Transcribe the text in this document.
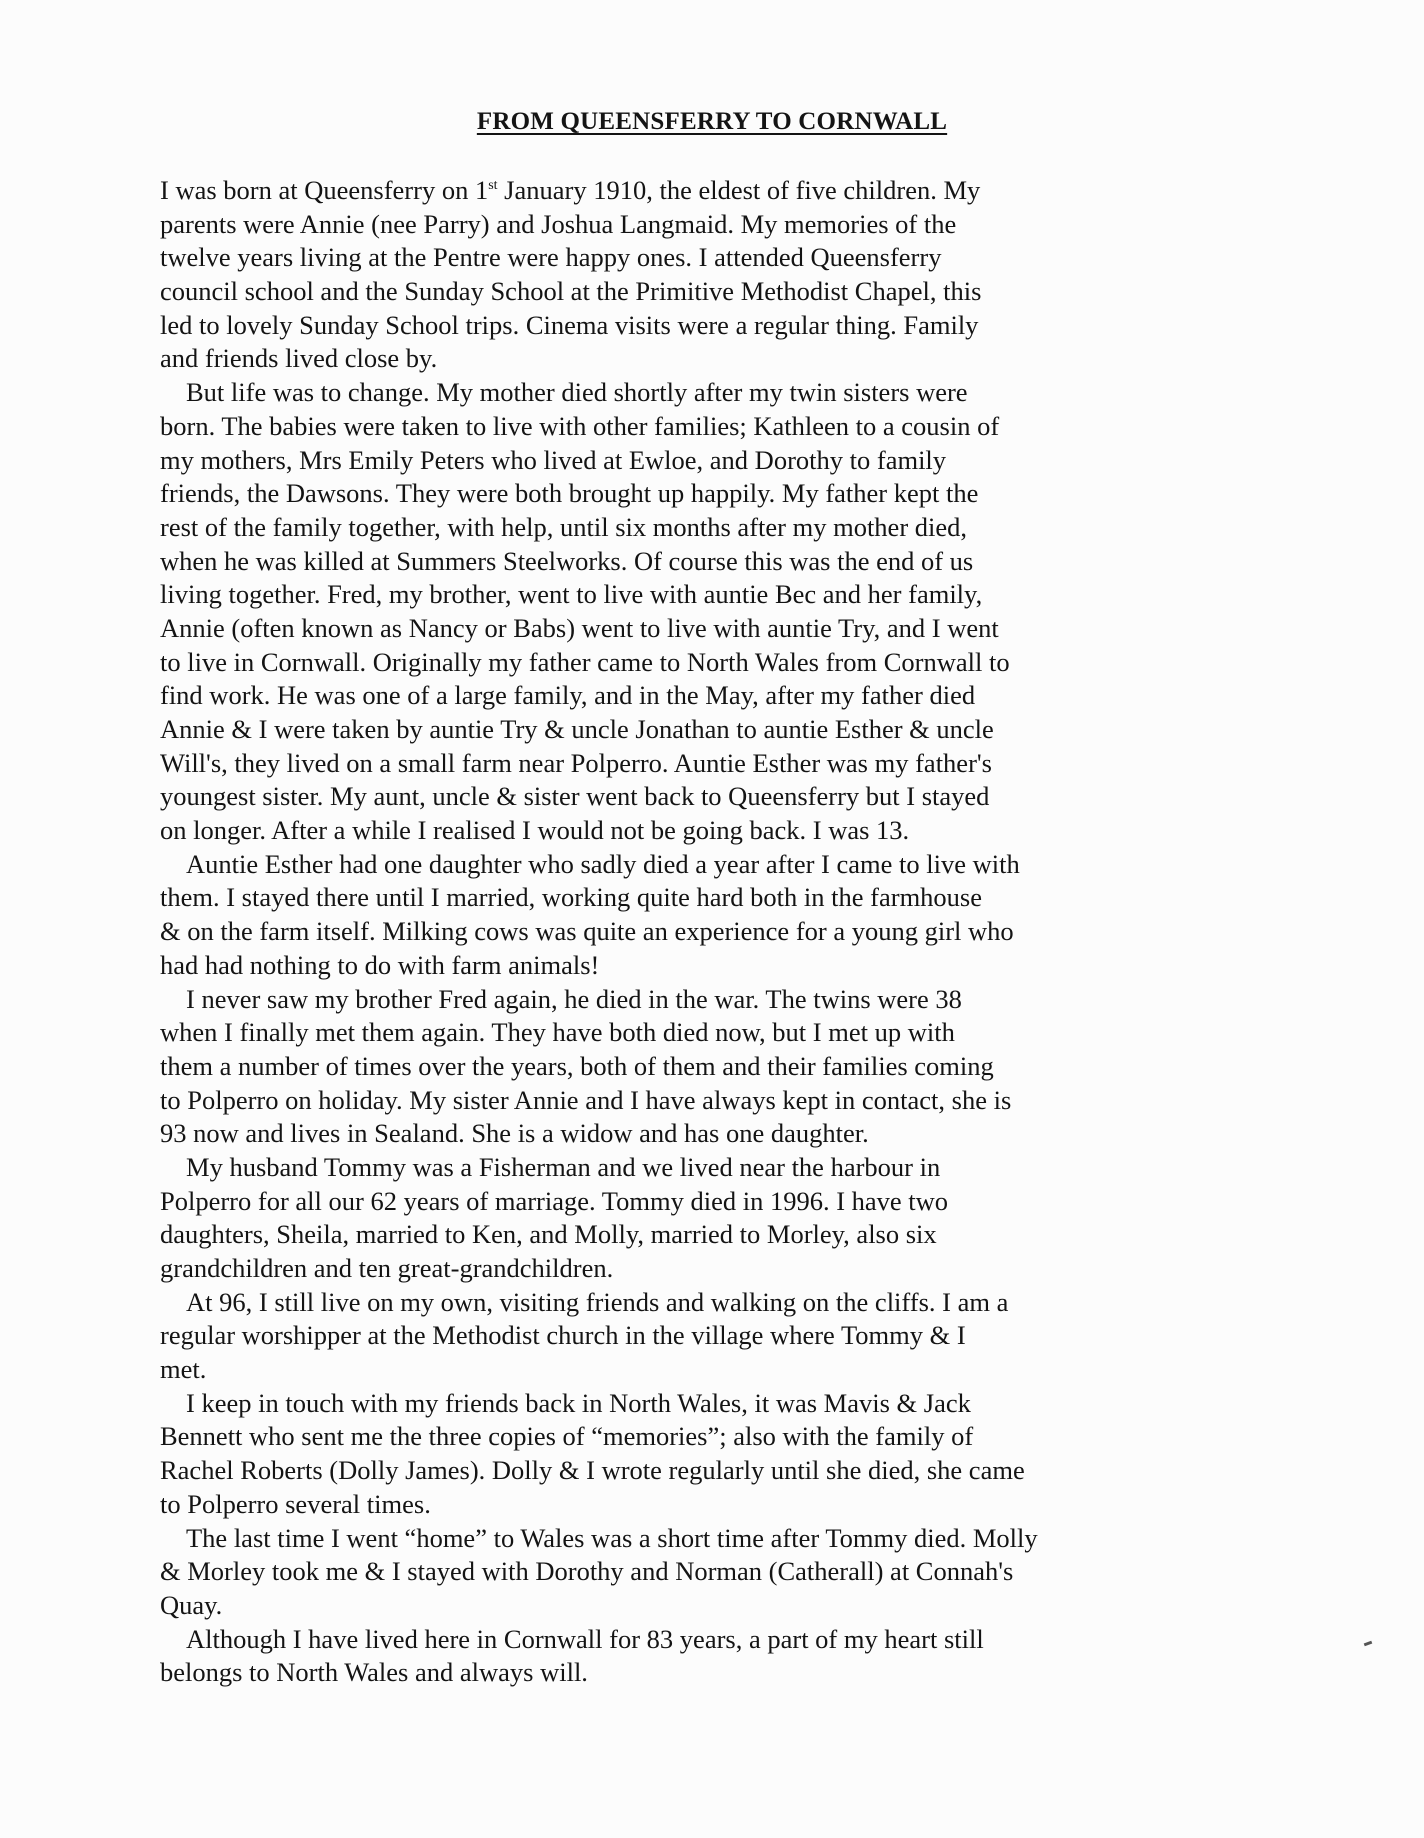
FROM QUEENSFERRY TO CORNWALL
I was born at Queensferry on 1st January 1910, the eldest of five children. My
parents were Annie (nee Parry) and Joshua Langmaid. My memories of the
twelve years living at the Pentre were happy ones. I attended Queensferry
council school and the Sunday School at the Primitive Methodist Chapel, this
led to lovely Sunday School trips. Cinema visits were a regular thing. Family
and friends lived close by.
But life was to change. My mother died shortly after my twin sisters were
born. The babies were taken to live with other families; Kathleen to a cousin of
my mothers, Mrs Emily Peters who lived at Ewloe, and Dorothy to family
friends, the Dawsons. They were both brought up happily. My father kept the
rest of the family together, with help, until six months after my mother died,
when he was killed at Summers Steelworks. Of course this was the end of us
living together. Fred, my brother, went to live with auntie Bec and her family,
Annie (often known as Nancy or Babs) went to live with auntie Try, and I went
to live in Cornwall. Originally my father came to North Wales from Cornwall to
find work. He was one of a large family, and in the May, after my father died
Annie & I were taken by auntie Try & uncle Jonathan to auntie Esther & uncle
Will's, they lived on a small farm near Polperro. Auntie Esther was my father's
youngest sister. My aunt, uncle & sister went back to Queensferry but I stayed
on longer. After a while I realised I would not be going back. I was 13.
Auntie Esther had one daughter who sadly died a year after I came to live with
them. I stayed there until I married, working quite hard both in the farmhouse
& on the farm itself. Milking cows was quite an experience for a young girl who
had had nothing to do with farm animals!
I never saw my brother Fred again, he died in the war. The twins were 38
when I finally met them again. They have both died now, but I met up with
them a number of times over the years, both of them and their families coming
to Polperro on holiday. My sister Annie and I have always kept in contact, she is
93 now and lives in Sealand. She is a widow and has one daughter.
My husband Tommy was a Fisherman and we lived near the harbour in
Polperro for all our 62 years of marriage. Tommy died in 1996. I have two
daughters, Sheila, married to Ken, and Molly, married to Morley, also six
grandchildren and ten great-grandchildren.
At 96, I still live on my own, visiting friends and walking on the cliffs. I am a
regular worshipper at the Methodist church in the village where Tommy & I
met.
I keep in touch with my friends back in North Wales, it was Mavis & Jack
Bennett who sent me the three copies of “memories”; also with the family of
Rachel Roberts (Dolly James). Dolly & I wrote regularly until she died, she came
to Polperro several times.
The last time I went “home” to Wales was a short time after Tommy died. Molly
& Morley took me & I stayed with Dorothy and Norman (Catherall) at Connah's
Quay.
Although I have lived here in Cornwall for 83 years, a part of my heart still
belongs to North Wales and always will.
